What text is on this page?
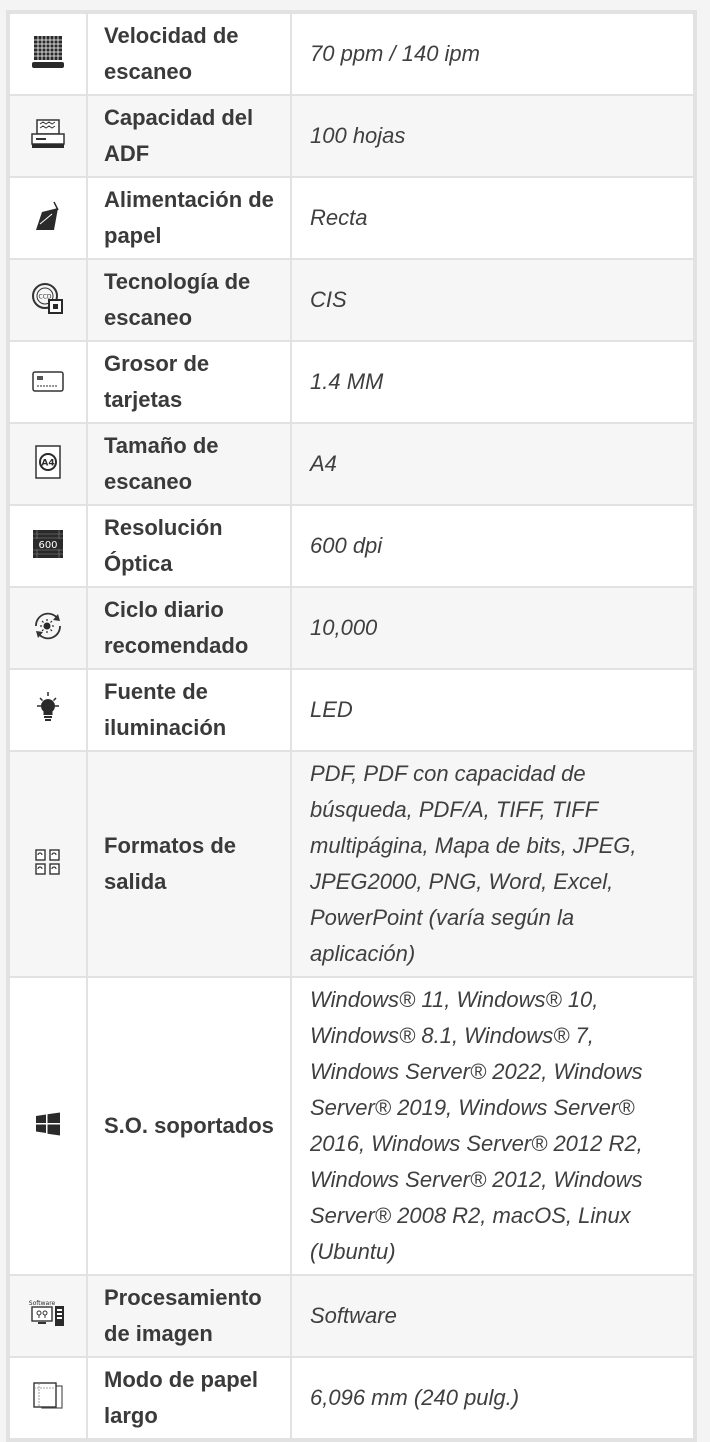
	Velocidad de escaneo	70 ppm / 140 ipm

	Capacidad del ADF	100 hojas

	Alimentación de papel	Recta

CCD	Tecnología de escaneo	CIS

	Grosor de tarjetas	1.4 MM

A4	Tamaño de escaneo	A4

600	Resolución Óptica	600 dpi

	Ciclo diario recomendado	10,000

	Fuente de iluminación	LED

	Formatos de salida	PDF, PDF con capacidad de búsqueda, PDF/A, TIFF, TIFF multipágina, Mapa de bits, JPEG, JPEG2000, PNG, Word, Excel, PowerPoint (varía según la aplicación)

	S.O. soportados	Windows® 11, Windows® 10, Windows® 8.1, Windows® 7, Windows Server® 2022, Windows Server® 2019, Windows Server® 2016, Windows Server® 2012 R2, Windows Server® 2012, Windows Server® 2008 R2, macOS, Linux (Ubuntu)

Software	Procesamiento de imagen	Software

	Modo de papel largo	6,096 mm (240 pulg.)
